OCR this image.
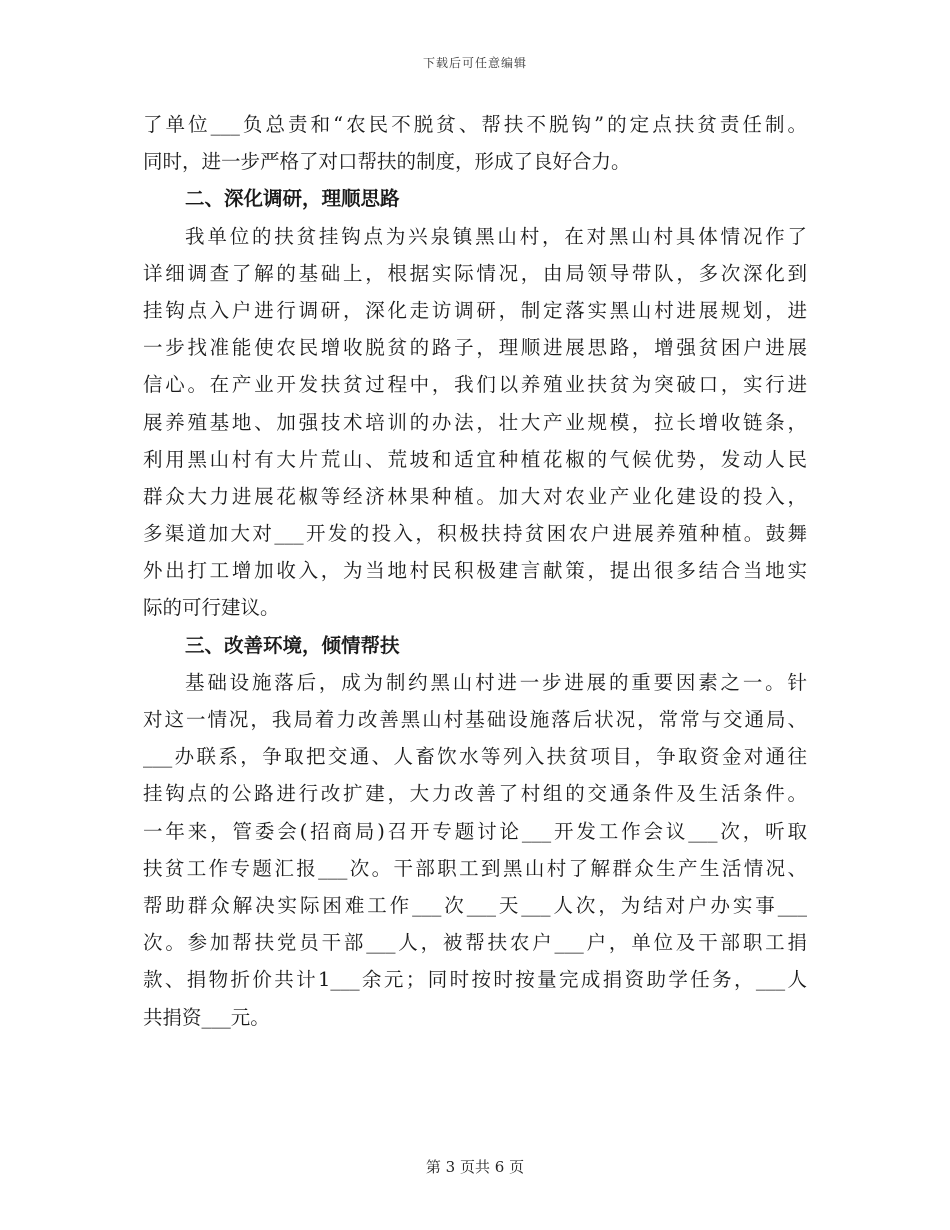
下载后可任意编辑
了单位___负总责和“农民不脱贫、帮扶不脱钩”的定点扶贫责任制。
同时，进一步严格了对口帮扶的制度，形成了良好合力。
二、深化调研，理顺思路
我单位的扶贫挂钩点为兴泉镇黑山村，在对黑山村具体情况作了
详细调查了解的基础上，根据实际情况，由局领导带队，多次深化到
挂钩点入户进行调研，深化走访调研，制定落实黑山村进展规划，进
一步找准能使农民增收脱贫的路子，理顺进展思路，增强贫困户进展
信心。在产业开发扶贫过程中，我们以养殖业扶贫为突破口，实行进
展养殖基地、加强技术培训的办法，壮大产业规模，拉长增收链条，
利用黑山村有大片荒山、荒坡和适宜种植花椒的气候优势，发动人民
群众大力进展花椒等经济林果种植。加大对农业产业化建设的投入，
多渠道加大对___开发的投入，积极扶持贫困农户进展养殖种植。鼓舞
外出打工增加收入，为当地村民积极建言献策，提出很多结合当地实
际的可行建议。
三、改善环境，倾情帮扶
基础设施落后，成为制约黑山村进一步进展的重要因素之一。针
对这一情况，我局着力改善黑山村基础设施落后状况，常常与交通局、
___办联系，争取把交通、人畜饮水等列入扶贫项目，争取资金对通往
挂钩点的公路进行改扩建，大力改善了村组的交通条件及生活条件。
一年来，管委会(招商局)召开专题讨论___开发工作会议___次，听取
扶贫工作专题汇报___次。干部职工到黑山村了解群众生产生活情况、
帮助群众解决实际困难工作___次___天___人次，为结对户办实事___
次。参加帮扶党员干部___人，被帮扶农户___户，单位及干部职工捐
款、捐物折价共计1___余元；同时按时按量完成捐资助学任务，___人
共捐资___元。
第 3 页共 6 页
